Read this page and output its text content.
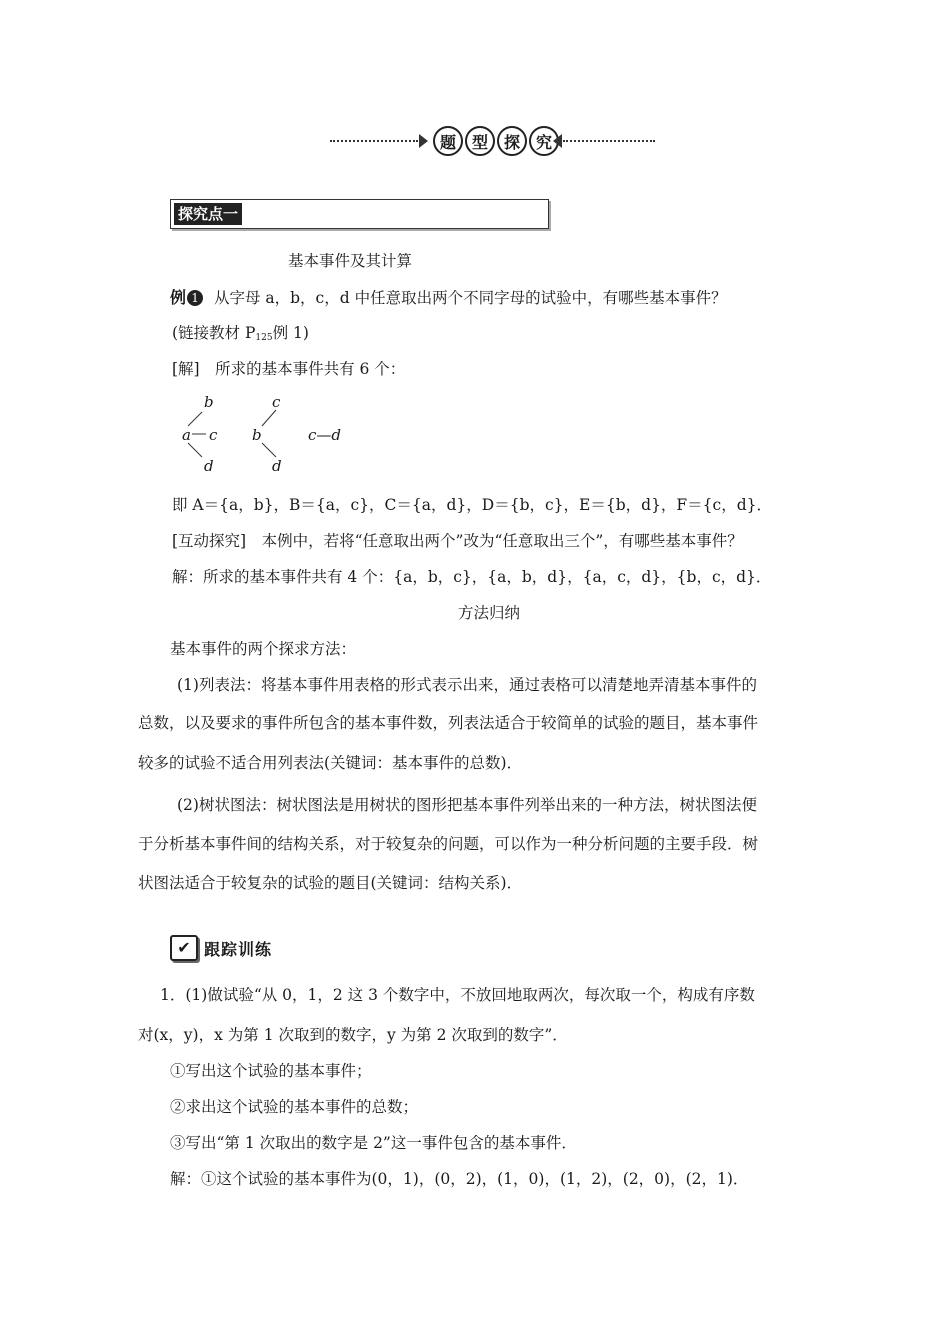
题 型 探 究
探究点一
基本事件及其计算
例 1 从字母 a，b，c，d 中任意取出两个不同字母的试验中，有哪些基本事件？
(链接教材 $P_{125}$例 1)
[解]　所求的基本事件共有 6 个：
b
a c
d
c
b
d
c—d
即 A＝{a，b}，B＝{a，c}，C＝{a，d}，D＝{b，c}，E＝{b，d}，F＝{c，d}．
[互动探究]　本例中，若将“任意取出两个”改为“任意取出三个”，有哪些基本事件？
解：所求的基本事件共有 4 个：{a，b，c}，{a，b，d}，{a，c，d}，{b，c，d}．
方法归纳
基本事件的两个探求方法：
(1)列表法：将基本事件用表格的形式表示出来，通过表格可以清楚地弄清基本事件的
总数，以及要求的事件所包含的基本事件数，列表法适合于较简单的试验的题目，基本事件
较多的试验不适合用列表法(关键词：基本事件的总数)．
(2)树状图法：树状图法是用树状的图形把基本事件列举出来的一种方法，树状图法便
于分析基本事件间的结构关系，对于较复杂的问题，可以作为一种分析问题的主要手段．树
状图法适合于较复杂的试验的题目(关键词：结构关系)．
✔ 跟踪训练
1．(1)做试验“从 0，1，2 这 3 个数字中，不放回地取两次，每次取一个，构成有序数
对(x，y)，x 为第 1 次取到的数字，y 为第 2 次取到的数字”．
①写出这个试验的基本事件；
②求出这个试验的基本事件的总数；
③写出“第 1 次取出的数字是 2”这一事件包含的基本事件．
解：①这个试验的基本事件为(0，1)，(0，2)，(1，0)，(1，2)，(2，0)，(2，1)．
